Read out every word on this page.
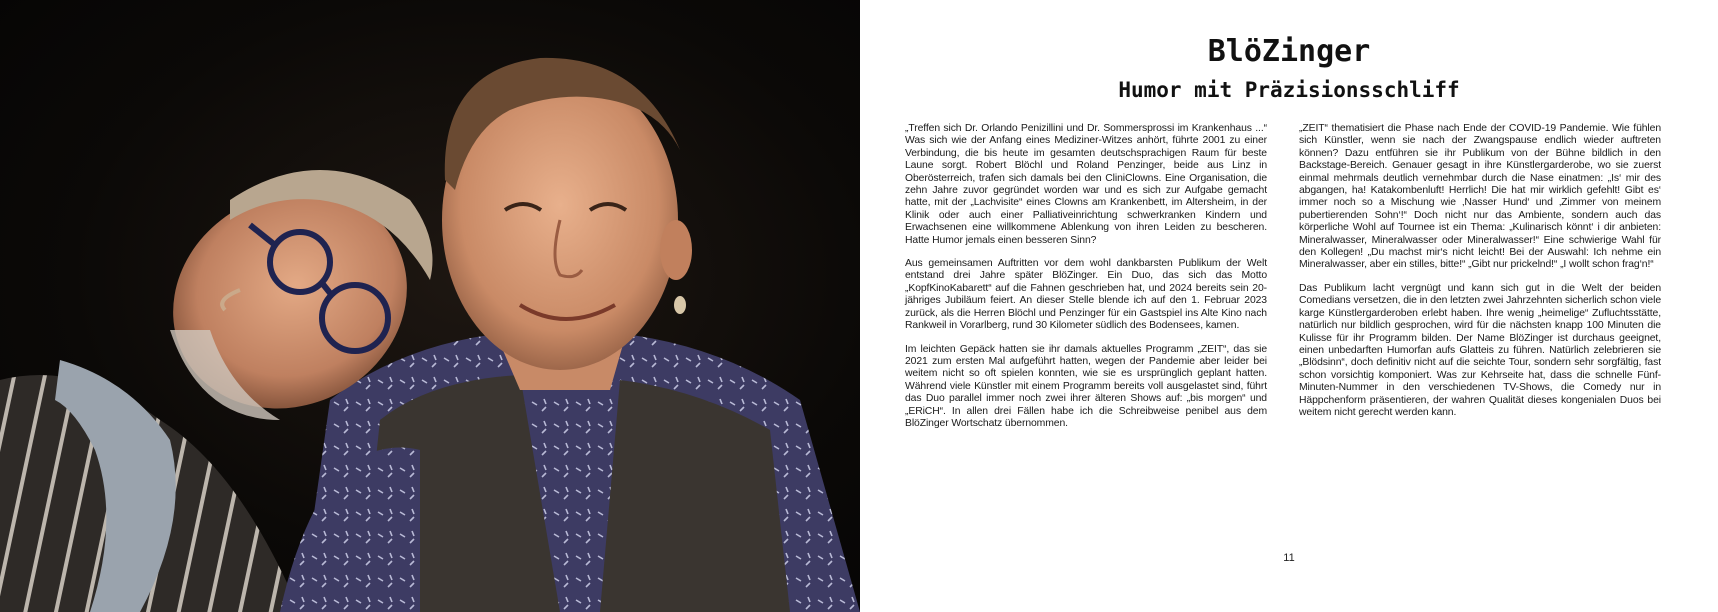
BlöZinger
Humor mit Präzisionsschliff

„Treffen sich Dr. Orlando Penizillini und Dr. Sommersprossi im Krankenhaus ...“ Was sich wie der Anfang eines Mediziner-Witzes anhört, führte 2001 zu einer Verbindung, die bis heute im gesamten deutschsprachigen Raum für beste Laune sorgt. Robert Blöchl und Roland Penzinger, beide aus Linz in Oberösterreich, trafen sich damals bei den CliniClowns. Eine Organisation, die zehn Jahre zuvor gegründet worden war und es sich zur Aufgabe gemacht hatte, mit der „Lachvisite“ eines Clowns am Krankenbett, im Altersheim, in der Klinik oder auch einer Palliativeinrichtung schwerkranken Kindern und Erwachsenen eine willkommene Ablenkung von ihren Leiden zu bescheren. Hatte Humor jemals einen besseren Sinn?

Aus gemeinsamen Auftritten vor dem wohl dankbarsten Publikum der Welt entstand drei Jahre später BlöZinger. Ein Duo, das sich das Motto „KopfKinoKabarett“ auf die Fahnen geschrieben hat, und 2024 bereits sein 20-jähriges Jubiläum feiert. An dieser Stelle blende ich auf den 1. Februar 2023 zurück, als die Herren Blöchl und Penzinger für ein Gastspiel ins Alte Kino nach Rankweil in Vorarlberg, rund 30 Kilometer südlich des Bodensees, kamen.

Im leichten Gepäck hatten sie ihr damals aktuelles Programm „ZEIT“, das sie 2021 zum ersten Mal aufgeführt hatten, wegen der Pandemie aber leider bei weitem nicht so oft spielen konnten, wie sie es ursprünglich geplant hatten. Während viele Künstler mit einem Programm bereits voll ausgelastet sind, führt das Duo parallel immer noch zwei ihrer älteren Shows auf: „bis morgen“ und „ERiCH“. In allen drei Fällen habe ich die Schreibweise penibel aus dem BlöZinger Wortschatz übernommen.

„ZEIT“ thematisiert die Phase nach Ende der COVID-19 Pandemie. Wie fühlen sich Künstler, wenn sie nach der Zwangspause endlich wieder auftreten können? Dazu entführen sie ihr Publikum von der Bühne bildlich in den Backstage-Bereich. Genauer gesagt in ihre Künstlergarderobe, wo sie zuerst einmal mehrmals deutlich vernehmbar durch die Nase einatmen: „Is‘ mir des abgangen, ha! Katakombenluft! Herrlich! Die hat mir wirklich gefehlt! Gibt es‘ immer noch so a Mischung wie ‚Nasser Hund‘ und ‚Zimmer von meinem pubertierenden Sohn‘!“ Doch nicht nur das Ambiente, sondern auch das körperliche Wohl auf Tournee ist ein Thema: „Kulinarisch könnt‘ i dir anbieten: Mineralwasser, Mineralwasser oder Mineralwasser!“ Eine schwierige Wahl für den Kollegen! „Du machst mir‘s nicht leicht! Bei der Auswahl: Ich nehme ein Mineralwasser, aber ein stilles, bitte!“ „Gibt nur prickelnd!“ „I wollt schon frag‘n!“

Das Publikum lacht vergnügt und kann sich gut in die Welt der beiden Comedians versetzen, die in den letzten zwei Jahrzehnten sicherlich schon viele karge Künstlergarderoben erlebt haben. Ihre wenig „heimelige“ Zufluchtsstätte, natürlich nur bildlich gesprochen, wird für die nächsten knapp 100 Minuten die Kulisse für ihr Programm bilden. Der Name BlöZinger ist durchaus geeignet, einen unbedarften Humorfan aufs Glatteis zu führen. Natürlich zelebrieren sie „Blödsinn“, doch definitiv nicht auf die seichte Tour, sondern sehr sorgfältig, fast schon vorsichtig komponiert. Was zur Kehrseite hat, dass die schnelle Fünf-Minuten-Nummer in den verschiedenen TV-Shows, die Comedy nur in Häppchenform präsentieren, der wahren Qualität dieses kongenialen Duos bei weitem nicht gerecht werden kann.

11
